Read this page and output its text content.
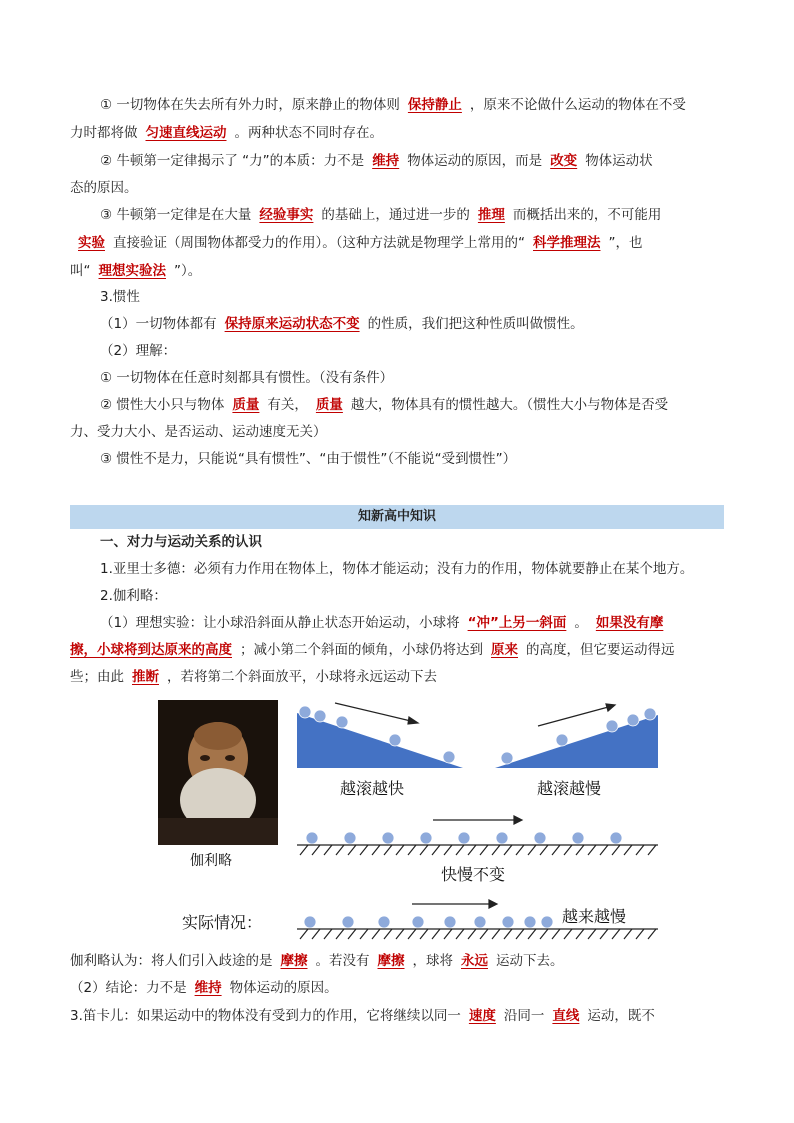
① 一切物体在失去所有外力时，原来静止的物体则 保持静止 ，原来不论做什么运动的物体在不受
力时都将做 匀速直线运动 。两种状态不同时存在。
② 牛顿第一定律揭示了 “力”的本质：力不是 维持 物体运动的原因，而是 改变 物体运动状
态的原因。
③ 牛顿第一定律是在大量 经验事实 的基础上，通过进一步的 推理 而概括出来的，不可能用
实验 直接验证（周围物体都受力的作用）。（这种方法就是物理学上常用的“ 科学推理法 ”，也
叫“ 理想实验法 ”）。
3.惯性
（1）一切物体都有 保持原来运动状态不变 的性质，我们把这种性质叫做惯性。
（2）理解：
① 一切物体在任意时刻都具有惯性。（没有条件）
② 惯性大小只与物体 质量 有关， 质量 越大，物体具有的惯性越大。（惯性大小与物体是否受
力、受力大小、是否运动、运动速度无关）
③ 惯性不是力，只能说“具有惯性”、“由于惯性”（不能说“受到惯性”）
知新高中知识
一、对力与运动关系的认识
1.亚里士多德：必须有力作用在物体上，物体才能运动；没有力的作用，物体就要静止在某个地方。
2.伽利略：
（1）理想实验：让小球沿斜面从静止状态开始运动，小球将 “冲”上另一斜面 。 如果没有摩
擦，小球将到达原来的高度 ；减小第二个斜面的倾角，小球仍将达到 原来 的高度，但它要运动得远
些；由此 推断 ，若将第二个斜面放平，小球将永远运动下去
伽利略
越滚越快	越滚越慢
快慢不变
实际情况：	越来越慢
伽利略认为：将人们引入歧途的是 摩擦 。若没有 摩擦 ，球将 永远 运动下去。
（2）结论：力不是 维持 物体运动的原因。
3.笛卡儿：如果运动中的物体没有受到力的作用，它将继续以同一 速度 沿同一 直线 运动，既不
